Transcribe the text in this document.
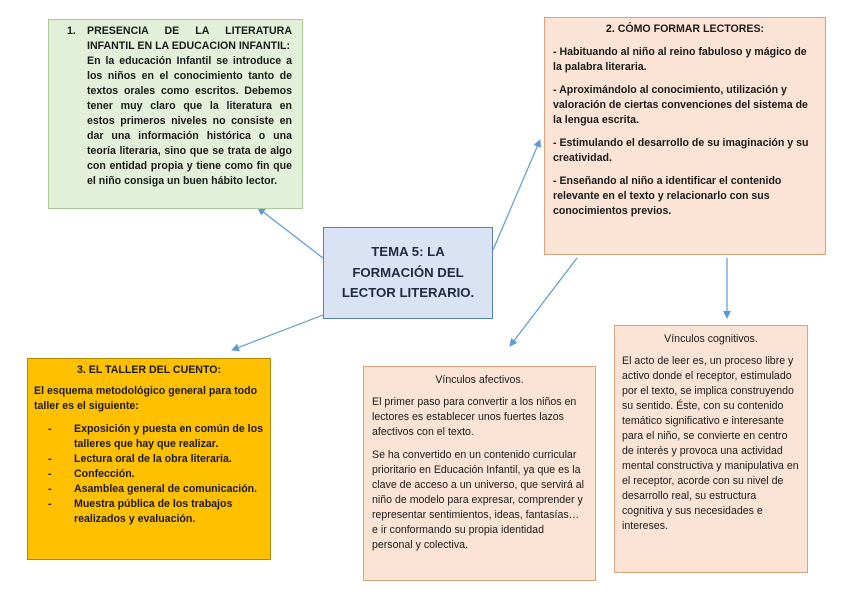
1.	PRESENCIA DE LA LITERATURA INFANTIL EN LA EDUCACION INFANTIL:
En la educación Infantil se introduce a los niños en el conocimiento tanto de textos orales como escritos. Debemos tener muy claro que la literatura en estos primeros niveles no consiste en dar una información histórica o una teoría literaria, sino que se trata de algo con entidad propia y tiene como fin que el niño consiga un buen hábito lector.
2. CÓMO FORMAR LECTORES:
- Habituando al niño al reino fabuloso y mágico de la palabra literaria.
- Aproximándolo al conocimiento, utilización y valoración de ciertas convenciones del sistema de la lengua escrita.
- Estimulando el desarrollo de su imaginación y su creatividad.
- Enseñando al niño a identificar el contenido relevante en el texto y relacionarlo con sus conocimientos previos.
TEMA 5: LA FORMACIÓN DEL LECTOR LITERARIO.
3. EL TALLER DEL CUENTO:
El esquema metodológico general para todo taller es el siguiente:
-	Exposición y puesta en común de los talleres que hay que realizar.
-	Lectura oral de la obra literaria.
-	Confección.
-	Asamblea general de comunicación.
-	Muestra pública de los trabajos realizados y evaluación.
Vínculos afectivos.

El primer paso para convertir a los niños en lectores es establecer unos fuertes lazos afectivos con el texto.

Se ha convertido en un contenido curricular prioritario en Educación Infantil, ya que es la clave de acceso a un universo, que servirá al niño de modelo para expresar, comprender y representar sentimientos, ideas, fantasías… e ir conformando su propia identidad personal y colectiva.

Vínculos cognitivos.

El acto de leer es, un proceso libre y activo donde el receptor, estimulado por el texto, se implica construyendo su sentido. Éste, con su contenido temático significativo e interesante para el niño, se convierte en centro de interés y provoca una actividad mental constructiva y manipulativa en el receptor, acorde con su nivel de desarrollo real, su estructura cognitiva y sus necesidades e intereses.
